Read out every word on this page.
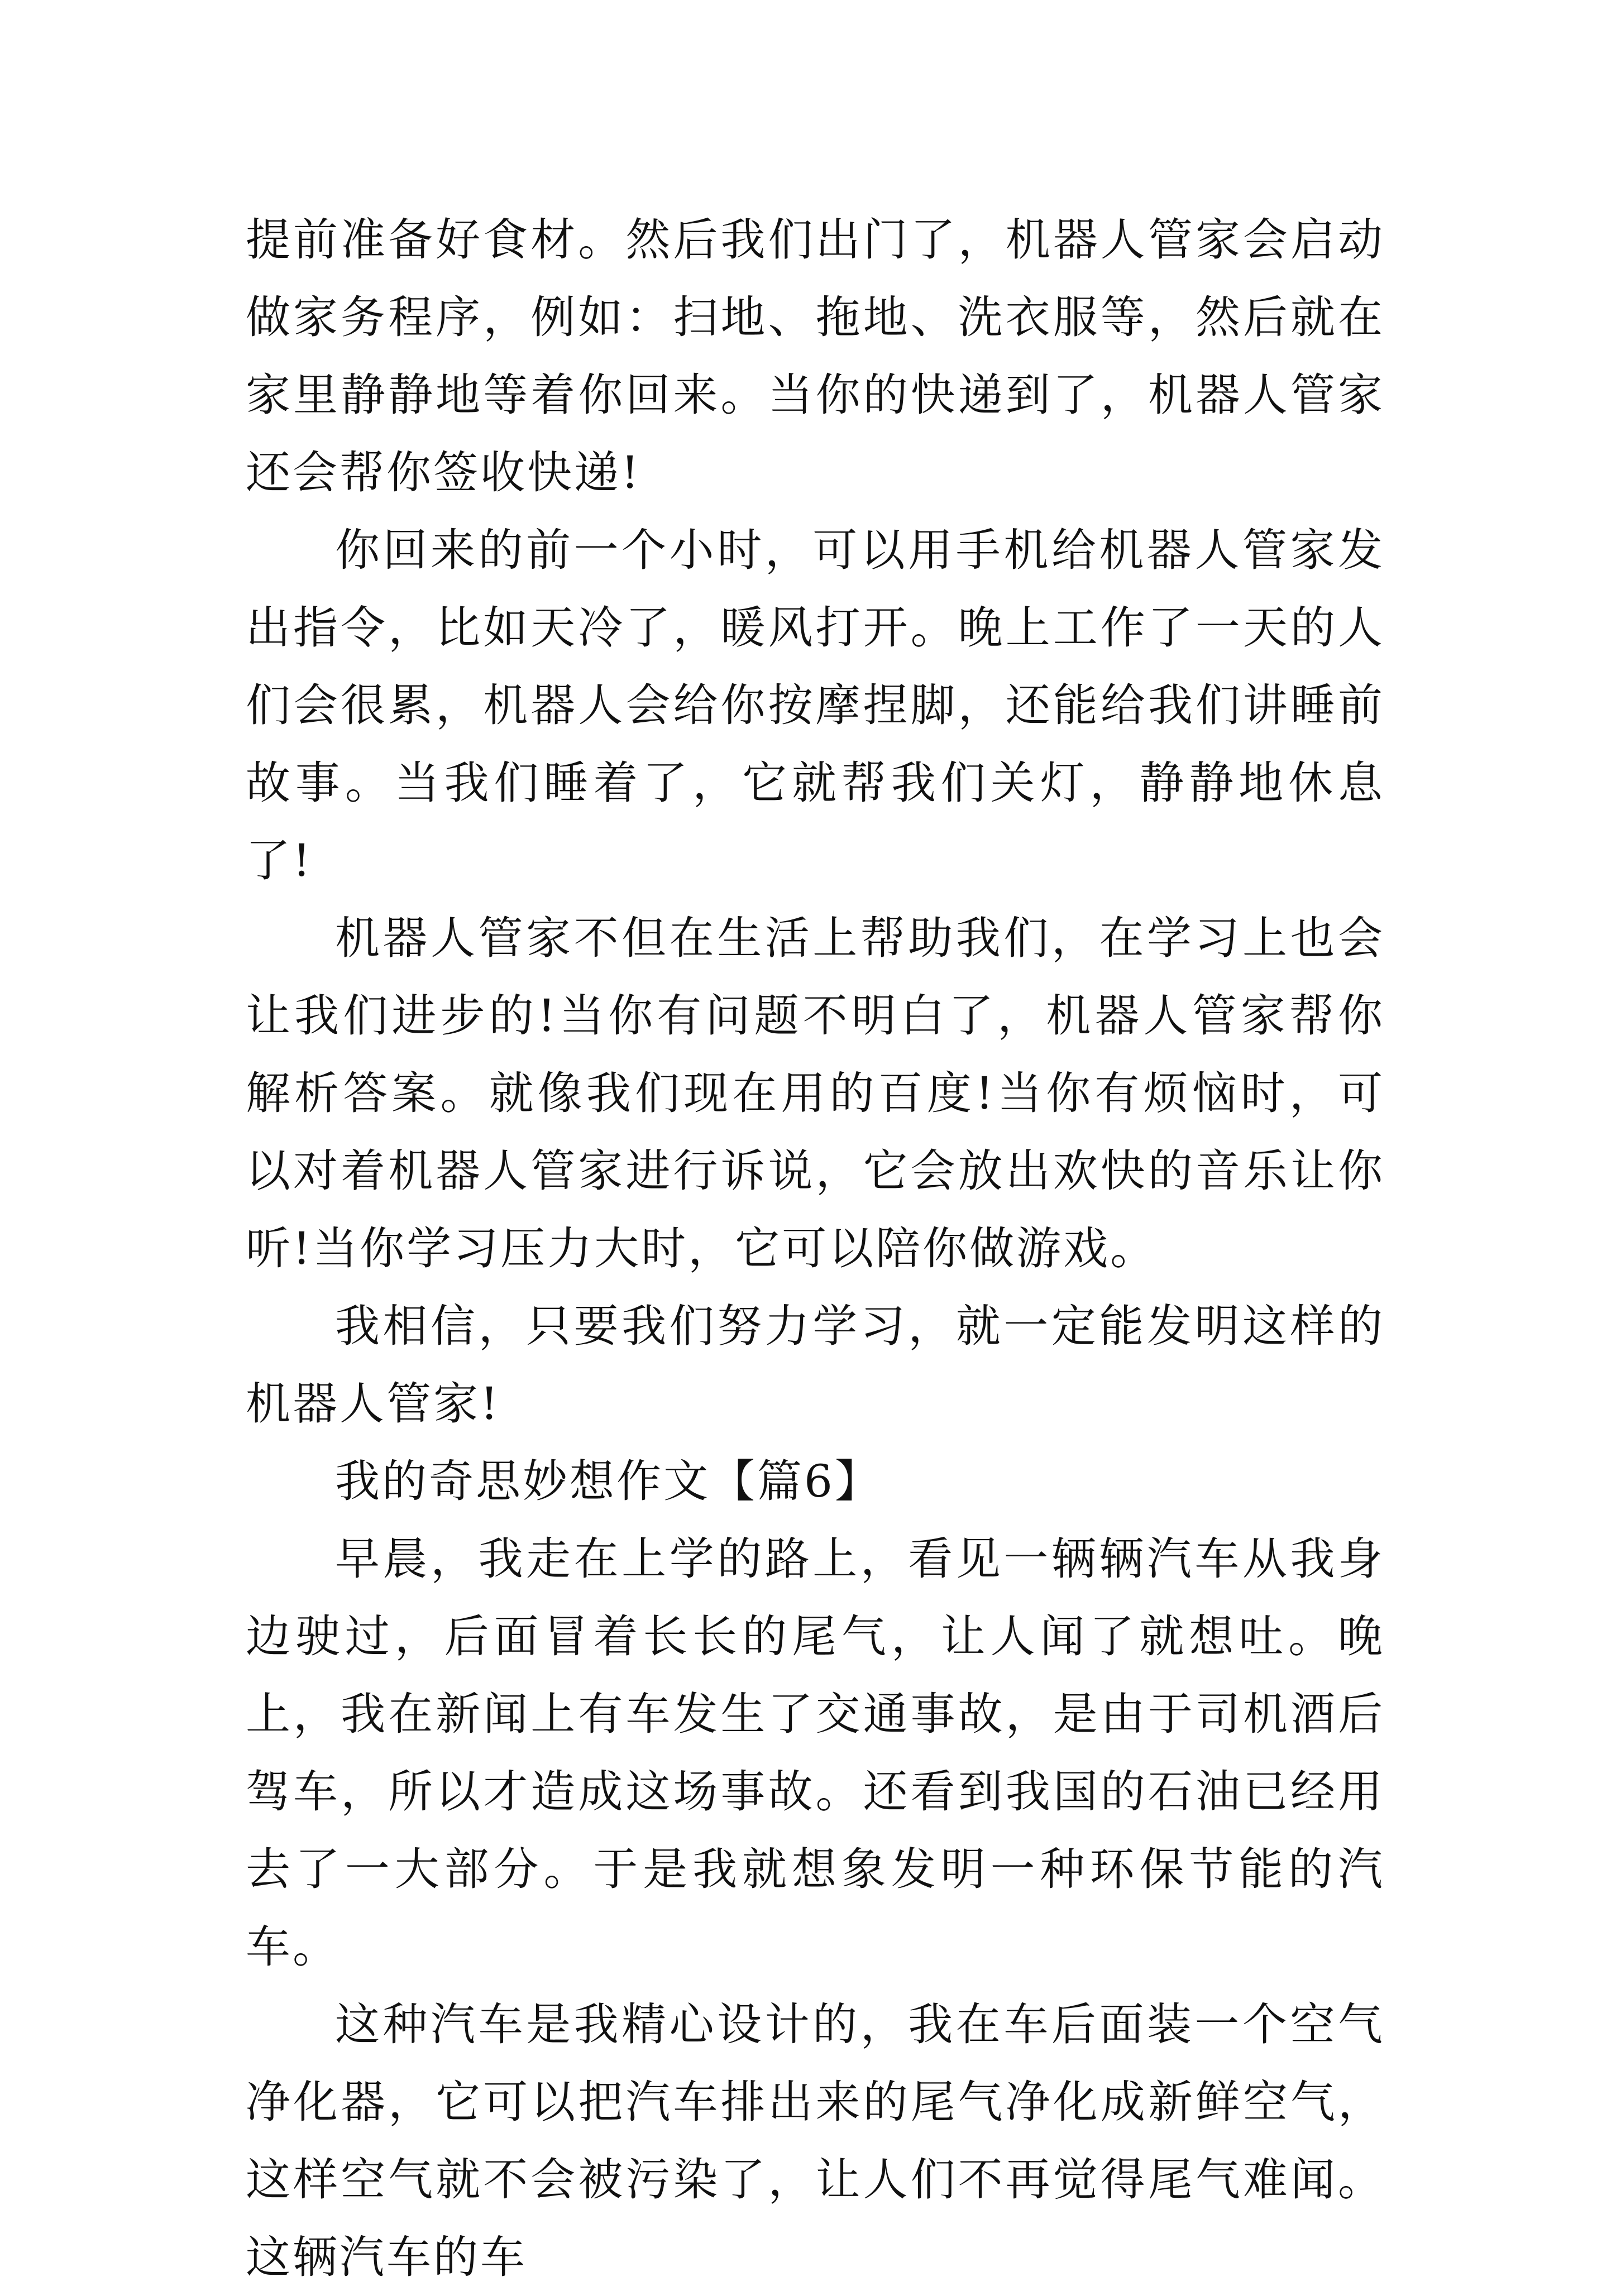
提前准备好食材。然后我们出门了，机器人管家会启动做家务程序，例如：扫地、拖地、洗衣服等，然后就在家里静静地等着你回来。当你的快递到了，机器人管家还会帮你签收快递!

你回来的前一个小时，可以用手机给机器人管家发出指令，比如天冷了，暖风打开。晚上工作了一天的人们会很累，机器人会给你按摩捏脚，还能给我们讲睡前故事。当我们睡着了，它就帮我们关灯，静静地休息了!

机器人管家不但在生活上帮助我们，在学习上也会让我们进步的!当你有问题不明白了，机器人管家帮你解析答案。就像我们现在用的百度!当你有烦恼时，可以对着机器人管家进行诉说，它会放出欢快的音乐让你听!当你学习压力大时，它可以陪你做游戏。

我相信，只要我们努力学习，就一定能发明这样的机器人管家!

我的奇思妙想作文【篇6】

早晨，我走在上学的路上，看见一辆辆汽车从我身边驶过，后面冒着长长的尾气，让人闻了就想吐。晚上，我在新闻上有车发生了交通事故，是由于司机酒后驾车，所以才造成这场事故。还看到我国的石油已经用去了一大部分。于是我就想象发明一种环保节能的汽车。

这种汽车是我精心设计的，我在车后面装一个空气净化器，它可以把汽车排出来的尾气净化成新鲜空气，这样空气就不会被污染了，让人们不再觉得尾气难闻。这辆汽车的车
